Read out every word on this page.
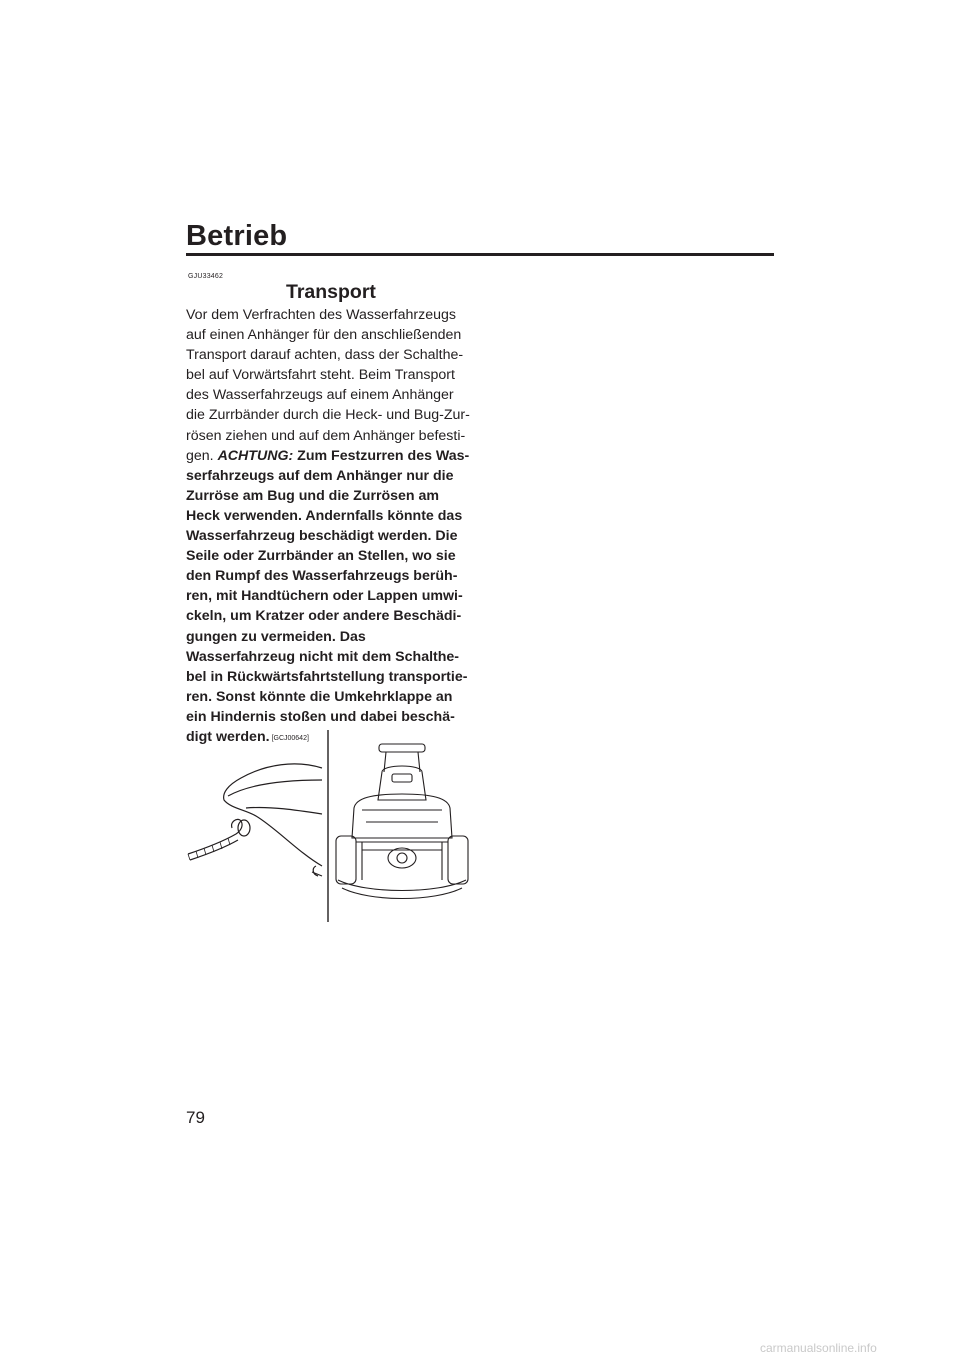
Betrieb
GJU33462
Transport
Vor dem Verfrachten des Wasserfahrzeugs
auf einen Anhänger für den anschließenden
Transport darauf achten, dass der Schalthe-
bel auf Vorwärtsfahrt steht. Beim Transport
des Wasserfahrzeugs auf einem Anhänger
die Zurrbänder durch die Heck- und Bug-Zur-
rösen ziehen und auf dem Anhänger befesti-
gen. ACHTUNG: Zum Festzurren des Was-
serfahrzeugs auf dem Anhänger nur die
Zurröse am Bug und die Zurrösen am
Heck verwenden. Andernfalls könnte das
Wasserfahrzeug beschädigt werden. Die
Seile oder Zurrbänder an Stellen, wo sie
den Rumpf des Wasserfahrzeugs berüh-
ren, mit Handtüchern oder Lappen umwi-
ckeln, um Kratzer oder andere Beschädi-
gungen zu vermeiden. Das
Wasserfahrzeug nicht mit dem Schalthe-
bel in Rückwärtsfahrtstellung transportie-
ren. Sonst könnte die Umkehrklappe an
ein Hindernis stoßen und dabei beschä-
digt werden. [GCJ00642]
79
carmanualsonline.info
